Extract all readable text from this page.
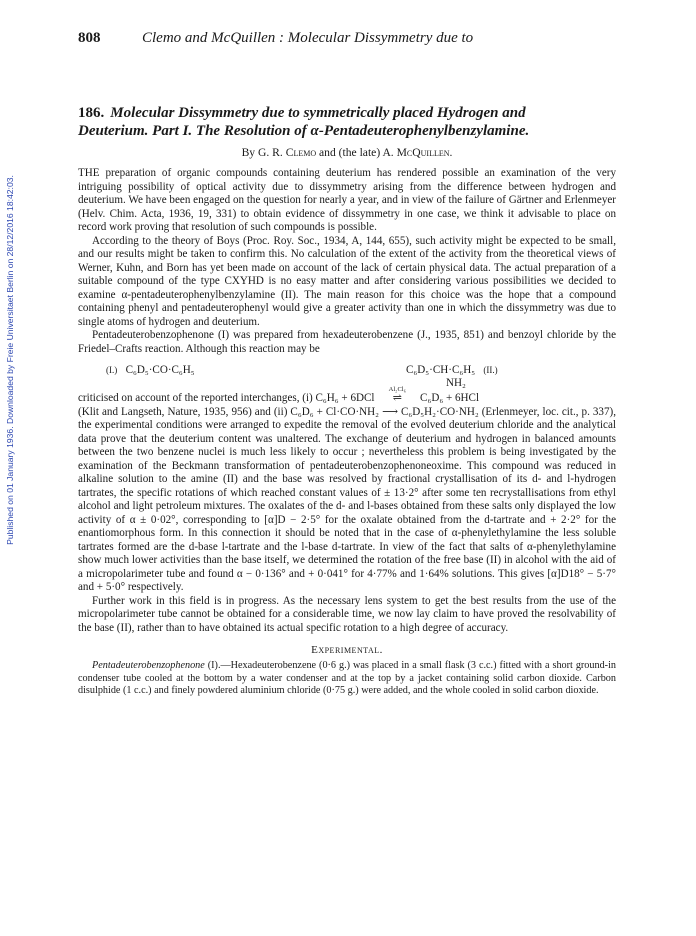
Published on 01 January 1936. Downloaded by Freie Universitaet Berlin on 28/12/2016 18:42:03.
808	Clemo and McQuillen : Molecular Dissymmetry due to
186. Molecular Dissymmetry due to symmetrically placed Hydrogen and
Deuterium. Part I. The Resolution of α-Pentadeuterophenylbenzylamine.
By G. R. Clemo and (the late) A. McQuillen.

THE preparation of organic compounds containing deuterium has rendered possible an examination of the very intriguing possibility of optical activity due to dissymmetry arising from the difference between hydrogen and deuterium. We have been engaged on the question for nearly a year, and in view of the failure of Gärtner and Erlenmeyer (Helv. Chim. Acta, 1936, 19, 331) to obtain evidence of dissymmetry in one case, we think it advisable to place on record work proving that resolution of such compounds is possible.

According to the theory of Boys (Proc. Roy. Soc., 1934, A, 144, 655), such activity might be expected to be small, and our results might be taken to confirm this. No calculation of the extent of the activity from the theoretical views of Werner, Kuhn, and Born has yet been made on account of the lack of certain physical data. The actual preparation of a suitable compound of the type CXYHD is no easy matter and after considering various possibilities we decided to examine α-pentadeuterophenylbenzylamine (II). The main reason for this choice was the hope that a compound containing phenyl and pentadeuterophenyl would give a greater activity than one in which the dissymmetry was due to single atoms of hydrogen and deuterium.

Pentadeuterobenzophenone (I) was prepared from hexadeuterobenzene (J., 1935, 851) and benzoyl chloride by the Friedel–Crafts reaction. Although this reaction may be

(I.) C₆D₅·CO·C₆H₅	C₆D₅·CH·C₆H₅ (II.)
NH₂

criticised on account of the reported interchanges, (i) C₆H₆ + 6DCl
Al₂Cl₆
⇌ C₆D₆ + 6HCl

(Klit and Langseth, Nature, 1935, 956) and (ii) C₆D₆ + Cl·CO·NH₂ ⟶ C₆D₅H₂·CO·NH₂ (Erlenmeyer, loc. cit., p. 337), the experimental conditions were arranged to expedite the removal of the evolved deuterium chloride and the analytical data prove that the deuterium content was unaltered. The exchange of deuterium and hydrogen in balanced amounts between the two benzene nuclei is much less likely to occur ; nevertheless this problem is being investigated by the examination of the Beckmann transformation of pentadeuterobenzophenoneoxime. This compound was reduced in alkaline solution to the amine (II) and the base was resolved by fractional crystallisation of its d- and l-hydrogen tartrates, the specific rotations of which reached constant values of ± 13·2° after some ten recrystallisations from ethyl alcohol and light petroleum mixtures. The oxalates of the d- and l-bases obtained from these salts only displayed the low activity of α ± 0·02°, corresponding to [α]D − 2·5° for the oxalate obtained from the d-tartrate and + 2·2° for the enantiomorphous form. In this connection it should be noted that in the case of α-phenylethylamine the less soluble tartrates formed are the d-base l-tartrate and the l-base d-tartrate. In view of the fact that salts of α-phenylethylamine show much lower activities than the base itself, we determined the rotation of the free base (II) in alcohol with the aid of a micropolarimeter tube and found α − 0·136° and + 0·041° for 4·77% and 1·64% solutions. This gives [α]D18° − 5·7° and + 5·0° respectively.

Further work in this field is in progress. As the necessary lens system to get the best results from the use of the micropolarimeter tube cannot be obtained for a considerable time, we now lay claim to have proved the resolvability of the base (II), rather than to have obtained its actual specific rotation to a high degree of accuracy.

Experimental.

Pentadeuterobenzophenone (I).—Hexadeuterobenzene (0·6 g.) was placed in a small flask (3 c.c.) fitted with a short ground-in condenser tube cooled at the bottom by a water condenser and at the top by a jacket containing solid carbon dioxide. Carbon disulphide (1 c.c.) and finely powdered aluminium chloride (0·75 g.) were added, and the whole cooled in solid carbon dioxide.
